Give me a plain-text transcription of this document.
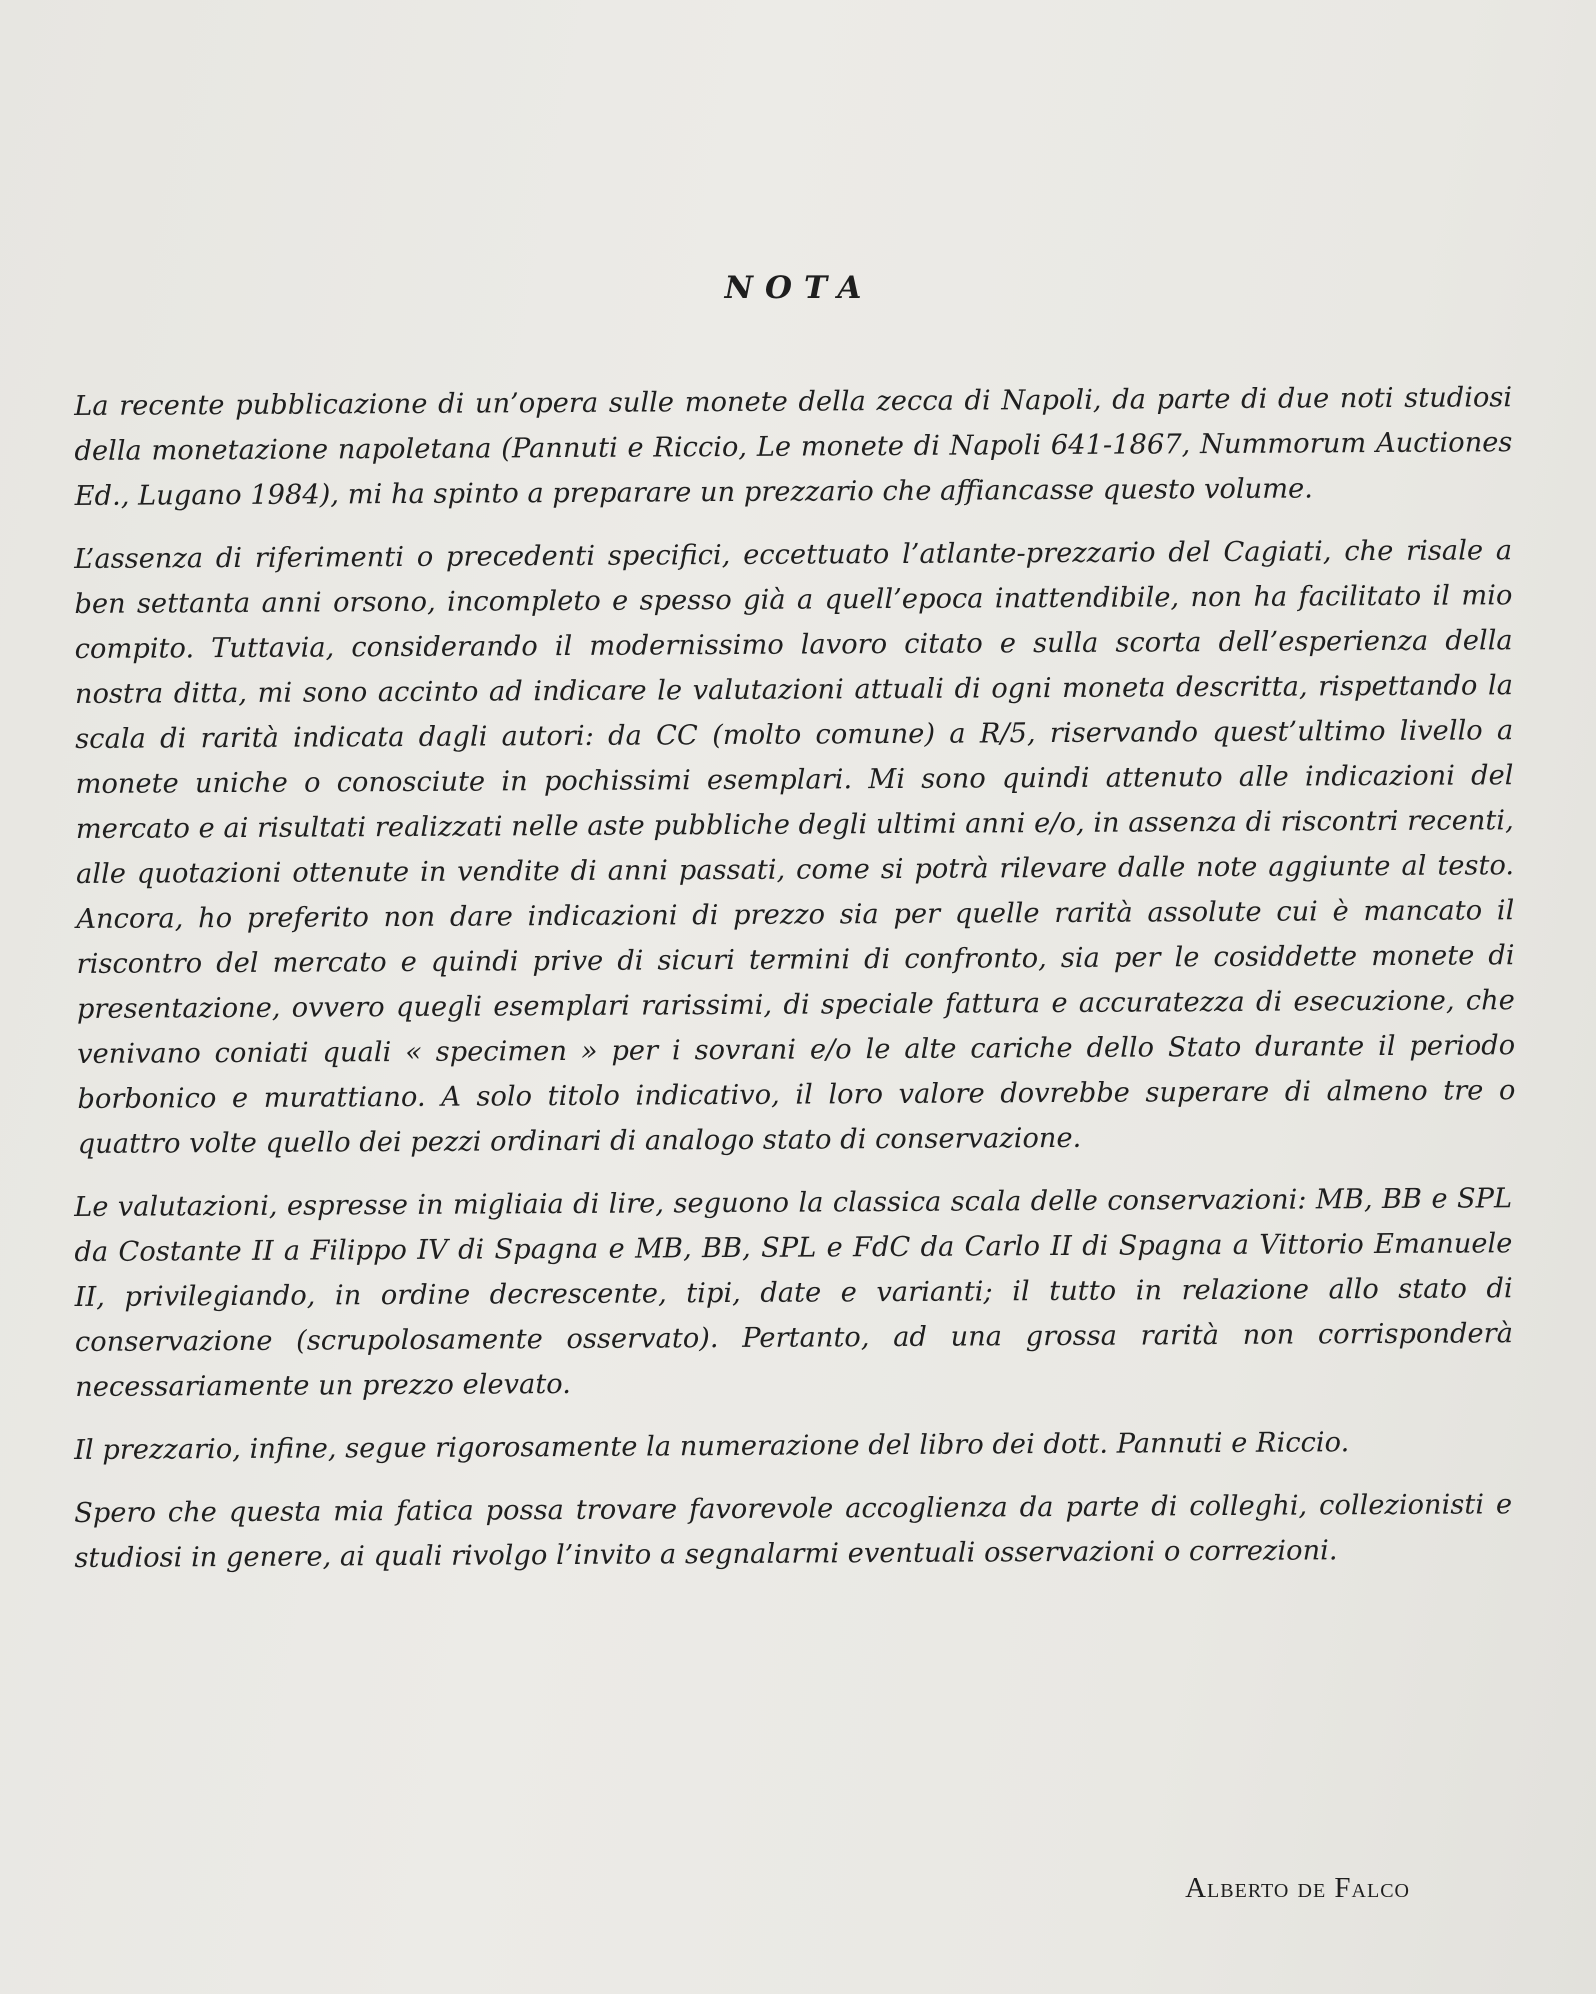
NOTA

La recente pubblicazione di un’opera sulle monete della zecca di Napoli, da parte di due noti studiosi della monetazione napoletana (Pannuti e Riccio, Le monete di Napoli 641-1867, Nummorum Auctiones Ed., Lugano 1984), mi ha spinto a preparare un prezzario che affiancasse questo volume.

L’assenza di riferimenti o precedenti specifici, eccettuato l’atlante-prezzario del Cagiati, che risale a ben settanta anni orsono, incompleto e spesso già a quell’epoca inattendibile, non ha facilitato il mio compito. Tuttavia, considerando il modernissimo lavoro citato e sulla scorta dell’esperienza della nostra ditta, mi sono accinto ad indicare le valutazioni attuali di ogni moneta descritta, rispettando la scala di rarità indicata dagli autori: da CC (molto comune) a R/5, riservando quest’ultimo livello a monete uniche o conosciute in pochissimi esemplari. Mi sono quindi attenuto alle indicazioni del mercato e ai risultati realizzati nelle aste pubbliche degli ultimi anni e/o, in assenza di riscontri recenti, alle quotazioni ottenute in vendite di anni passati, come si potrà rilevare dalle note aggiunte al testo. Ancora, ho preferito non dare indicazioni di prezzo sia per quelle rarità assolute cui è mancato il riscontro del mercato e quindi prive di sicuri termini di confronto, sia per le cosiddette monete di presentazione, ovvero quegli esemplari rarissimi, di speciale fattura e accuratezza di esecuzione, che venivano coniati quali « specimen » per i sovrani e/o le alte cariche dello Stato durante il periodo borbonico e murattiano. A solo titolo indicativo, il loro valore dovrebbe superare di almeno tre o quattro volte quello dei pezzi ordinari di analogo stato di conservazione.

Le valutazioni, espresse in migliaia di lire, seguono la classica scala delle conservazioni: MB, BB e SPL da Costante II a Filippo IV di Spagna e MB, BB, SPL e FdC da Carlo II di Spagna a Vittorio Emanuele II, privilegiando, in ordine decrescente, tipi, date e varianti; il tutto in relazione allo stato di conservazione (scrupolosamente osservato). Pertanto, ad una grossa rarità non corrisponderà necessariamente un prezzo elevato.

Il prezzario, infine, segue rigorosamente la numerazione del libro dei dott. Pannuti e Riccio.

Spero che questa mia fatica possa trovare favorevole accoglienza da parte di colleghi, collezionisti e studiosi in genere, ai quali rivolgo l’invito a segnalarmi eventuali osservazioni o correzioni.

Alberto de Falco
